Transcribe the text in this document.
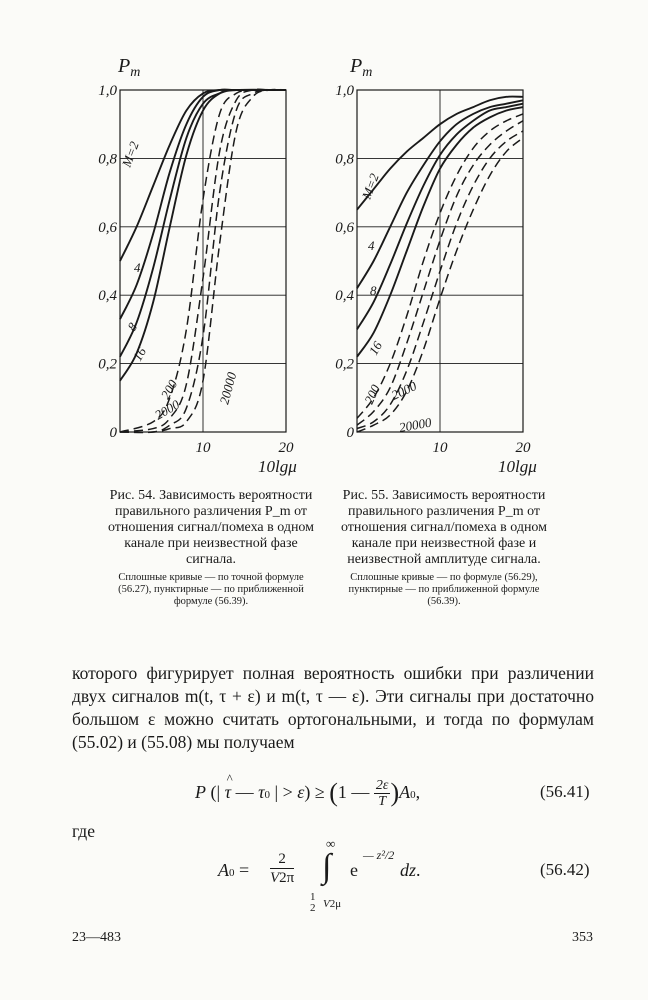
0
0,2
0,4
0,6
0,8
1,0
10	20
$P_m$
10lgμ
M=2
4
8
16
200
2000
20000
0
0,2
0,4
0,6
0,8
1,0
10	20
$P_m$
10lgμ
M=2
4
8
16
200 2000
20000
Рис. 54. Зависимость вероятности правильного различения P_m от отношения сигнал/помеха в одном канале при неизвестной фазе сигнала.
Сплошные кривые — по точной формуле (56.27), пунктирные — по приближенной формуле (56.39).
Рис. 55. Зависимость вероятности правильного различения P_m от отношения сигнал/помеха в одном канале при неизвестной фазе и неизвестной амплитуде сигнала.
Сплошные кривые — по формуле (56.29), пунктирные — по приближенной формуле (56.39).
которого фигурирует полная вероятность ошибки при различении двух сигналов m(t, τ + ε) и m(t, τ — ε). Эти сигналы при достаточно большом ε можно считать ортогональными, и тогда по формулам (55.02) и (55.08) мы получаем
P (| τ
^
— τ0 | > ε) ≥ (1 — $\frac{2\varepsilon}{T} )A0$,	(56.41)
где
A0 =
2
V2π
∞
∫
1
2 V2μ
e
— z²/2
dz.	(56.42)
23—483	353
